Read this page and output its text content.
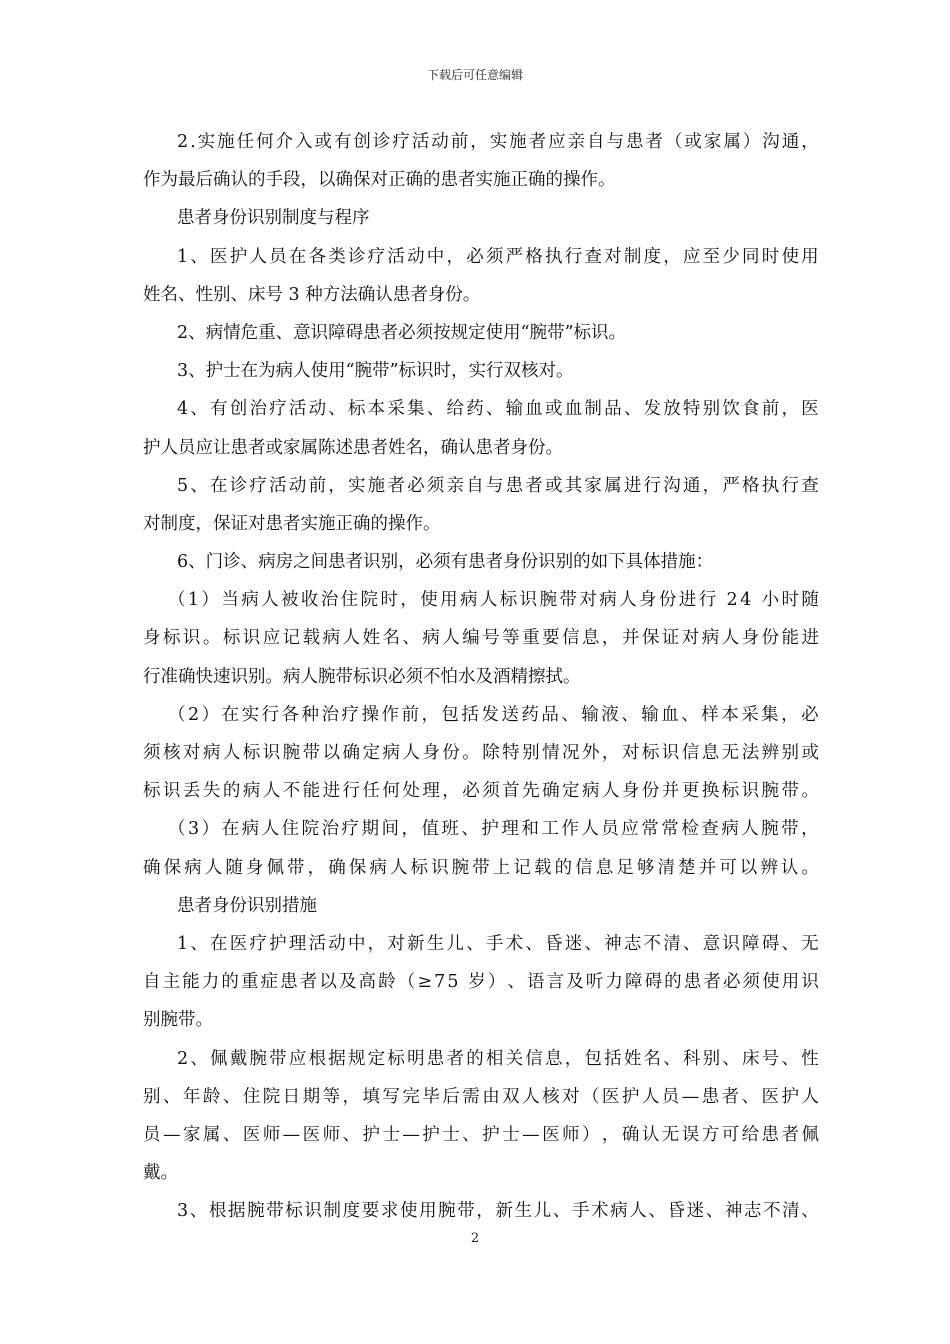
下载后可任意编辑
2 . 实 施 任 何 介 入 或 有 创 诊 疗 活 动 前 ， 实 施 者 应 亲 自 与 患 者 （ 或 家 属 ） 沟 通 ，
作为最后确认的手段，以确保对正确的患者实施正确的操作。
患者身份识别制度与程序
1 、 医 护 人 员 在 各 类 诊 疗 活 动 中 ， 必 须 严 格 执 行 查 对 制 度 ， 应 至 少 同 时 使 用
姓名、性别、床号 3 种方法确认患者身份。
2、病情危重、意识障碍患者必须按规定使用“腕带”标识。
3、护士在为病人使用“腕带”标识时，实行双核对。
4 、 有 创 治 疗 活 动 、 标 本 采 集 、 给 药 、 输 血 或 血 制 品 、 发 放 特 别 饮 食 前 ， 医
护人员应让患者或家属陈述患者姓名，确认患者身份。
5 、 在 诊 疗 活 动 前 ， 实 施 者 必 须 亲 自 与 患 者 或 其 家 属 进 行 沟 通 ， 严 格 执 行 查
对制度，保证对患者实施正确的操作。
6、门诊、病房之间患者识别，必须有患者身份识别的如下具体措施：
（ 1 ） 当 病 人 被 收 治 住 院 时 ， 使 用 病 人 标 识 腕 带 对 病 人 身 份 进 行
2 4
小 时 随
身 标 识 。 标 识 应 记 载 病 人 姓 名 、 病 人 编 号 等 重 要 信 息 ， 并 保 证 对 病 人 身 份 能 进
行准确快速识别。病人腕带标识必须不怕水及酒精擦拭。
（ 2 ） 在 实 行 各 种 治 疗 操 作 前 ， 包 括 发 送 药 品 、 输 液 、 输 血 、 样 本 采 集 ， 必
须 核 对 病 人 标 识 腕 带 以 确 定 病 人 身 份 。 除 特 别 情 况 外 ， 对 标 识 信 息 无 法 辨 别 或
标 识 丢 失 的 病 人 不 能 进 行 任 何 处 理 ， 必 须 首 先 确 定 病 人 身 份 并 更 换 标 识 腕 带 。
（ 3 ） 在 病 人 住 院 治 疗 期 间 ， 值 班 、 护 理 和 工 作 人 员 应 常 常 检 查 病 人 腕 带 ，
确 保 病 人 随 身 佩 带 ， 确 保 病 人 标 识 腕 带 上 记 载 的 信 息 足 够 清 楚 并 可 以 辨 认 。
患者身份识别措施
1 、 在 医 疗 护 理 活 动 中 ， 对 新 生 儿 、 手 术 、 昏 迷 、 神 志 不 清 、 意 识 障 碍 、 无
自 主 能 力 的 重 症 患 者 以 及 高 龄 （ ≥ 7 5
岁 ） 、 语 言 及 听 力 障 碍 的 患 者 必 须 使 用 识
别腕带。
2 、 佩 戴 腕 带 应 根 据 规 定 标 明 患 者 的 相 关 信 息 ， 包 括 姓 名 、 科 别 、 床 号 、 性
别 、 年 龄 、 住 院 日 期 等 ， 填 写 完 毕 后 需 由 双 人 核 对 （ 医 护 人 员 — 患 者 、 医 护 人
员 — 家 属 、 医 师 — 医 师 、 护 士 — 护 士 、 护 士 — 医 师 ） ， 确 认 无 误 方 可 给 患 者 佩
戴。
3 、 根 据 腕 带 标 识 制 度 要 求 使 用 腕 带 ， 新 生 儿 、 手 术 病 人 、 昏 迷 、 神 志 不 清 、
2
